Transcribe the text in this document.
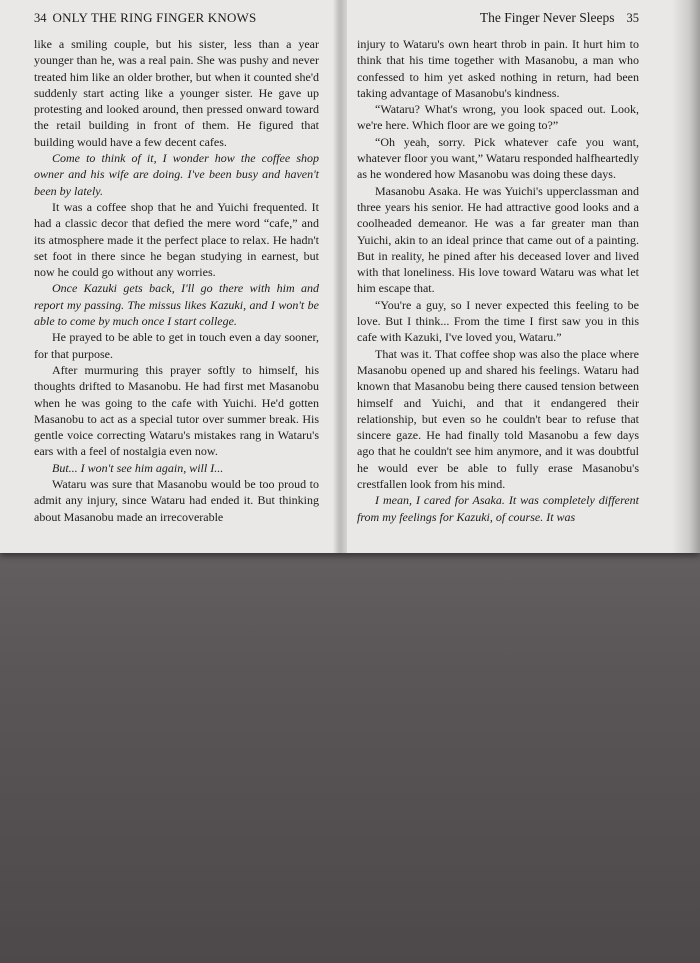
34 ONLY THE RING FINGER KNOWS

like a smiling couple, but his sister, less than a year younger than he, was a real pain. She was pushy and never treated him like an older brother, but when it counted she'd suddenly start acting like a younger sister. He gave up protesting and looked around, then pressed onward toward the retail building in front of them. He figured that building would have a few decent cafes.

Come to think of it, I wonder how the coffee shop owner and his wife are doing. I've been busy and haven't been by lately.

It was a coffee shop that he and Yuichi frequented. It had a classic decor that defied the mere word “cafe,” and its atmosphere made it the perfect place to relax. He hadn't set foot in there since he began studying in earnest, but now he could go without any worries.

Once Kazuki gets back, I'll go there with him and report my passing. The missus likes Kazuki, and I won't be able to come by much once I start college.

He prayed to be able to get in touch even a day sooner, for that purpose.

After murmuring this prayer softly to himself, his thoughts drifted to Masanobu. He had first met Masanobu when he was going to the cafe with Yuichi. He'd gotten Masanobu to act as a special tutor over summer break. His gentle voice correcting Wataru's mistakes rang in Wataru's ears with a feel of nostalgia even now.

But... I won't see him again, will I...

Wataru was sure that Masanobu would be too proud to admit any injury, since Wataru had ended it. But thinking about Masanobu made an irrecoverable

The Finger Never Sleeps 35

injury to Wataru's own heart throb in pain. It hurt him to think that his time together with Masanobu, a man who confessed to him yet asked nothing in return, had been taking advantage of Masanobu's kindness.

“Wataru? What's wrong, you look spaced out. Look, we're here. Which floor are we going to?”

“Oh yeah, sorry. Pick whatever cafe you want, whatever floor you want,” Wataru responded halfheartedly as he wondered how Masanobu was doing these days.

Masanobu Asaka. He was Yuichi's upperclassman and three years his senior. He had attractive good looks and a coolheaded demeanor. He was a far greater man than Yuichi, akin to an ideal prince that came out of a painting. But in reality, he pined after his deceased lover and lived with that loneliness. His love toward Wataru was what let him escape that.

“You're a guy, so I never expected this feeling to be love. But I think... From the time I first saw you in this cafe with Kazuki, I've loved you, Wataru.”

That was it. That coffee shop was also the place where Masanobu opened up and shared his feelings. Wataru had known that Masanobu being there caused tension between himself and Yuichi, and that it endangered their relationship, but even so he couldn't bear to refuse that sincere gaze. He had finally told Masanobu a few days ago that he couldn't see him anymore, and it was doubtful he would ever be able to fully erase Masanobu's crestfallen look from his mind.

I mean, I cared for Asaka. It was completely different from my feelings for Kazuki, of course. It was
